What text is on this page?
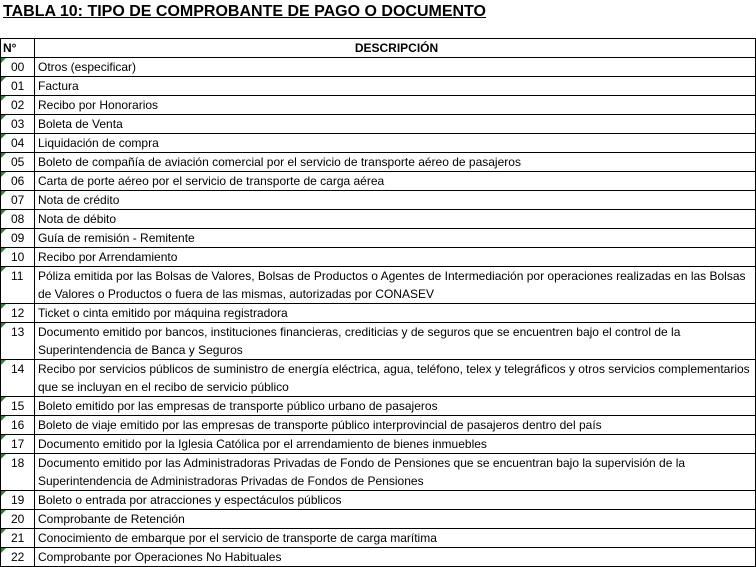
TABLA 10: TIPO DE COMPROBANTE DE PAGO O DOCUMENTO
N°	DESCRIPCIÓN
00	Otros (especificar)
01	Factura
02	Recibo por Honorarios
03	Boleta de Venta
04	Liquidación de compra
05	Boleto de compañía de aviación comercial por el servicio de transporte aéreo de pasajeros
06	Carta de porte aéreo por el servicio de transporte de carga aérea
07	Nota de crédito
08	Nota de débito
09	Guía de remisión - Remitente
10	Recibo por Arrendamiento
11	Póliza emitida por las Bolsas de Valores, Bolsas de Productos o Agentes de Intermediación por operaciones realizadas en las Bolsas de Valores o Productos o fuera de las mismas, autorizadas por CONASEV
12	Ticket o cinta emitido por máquina registradora
13	Documento emitido por bancos, instituciones financieras, crediticias y de seguros que se encuentren bajo el control de la Superintendencia de Banca y Seguros
14	Recibo por servicios públicos de suministro de energía eléctrica, agua, teléfono, telex y telegráficos y otros servicios complementarios que se incluyan en el recibo de servicio público
15	Boleto emitido por las empresas de transporte público urbano de pasajeros
16	Boleto de viaje emitido por las empresas de transporte público interprovincial de pasajeros dentro del país
17	Documento emitido por la Iglesia Católica por el arrendamiento de bienes inmuebles
18	Documento emitido por las Administradoras Privadas de Fondo de Pensiones que se encuentran bajo la supervisión de la Superintendencia de Administradoras Privadas de Fondos de Pensiones
19	Boleto o entrada por atracciones y espectáculos públicos
20	Comprobante de Retención
21	Conocimiento de embarque por el servicio de transporte de carga marítima
22	Comprobante por Operaciones No Habituales
